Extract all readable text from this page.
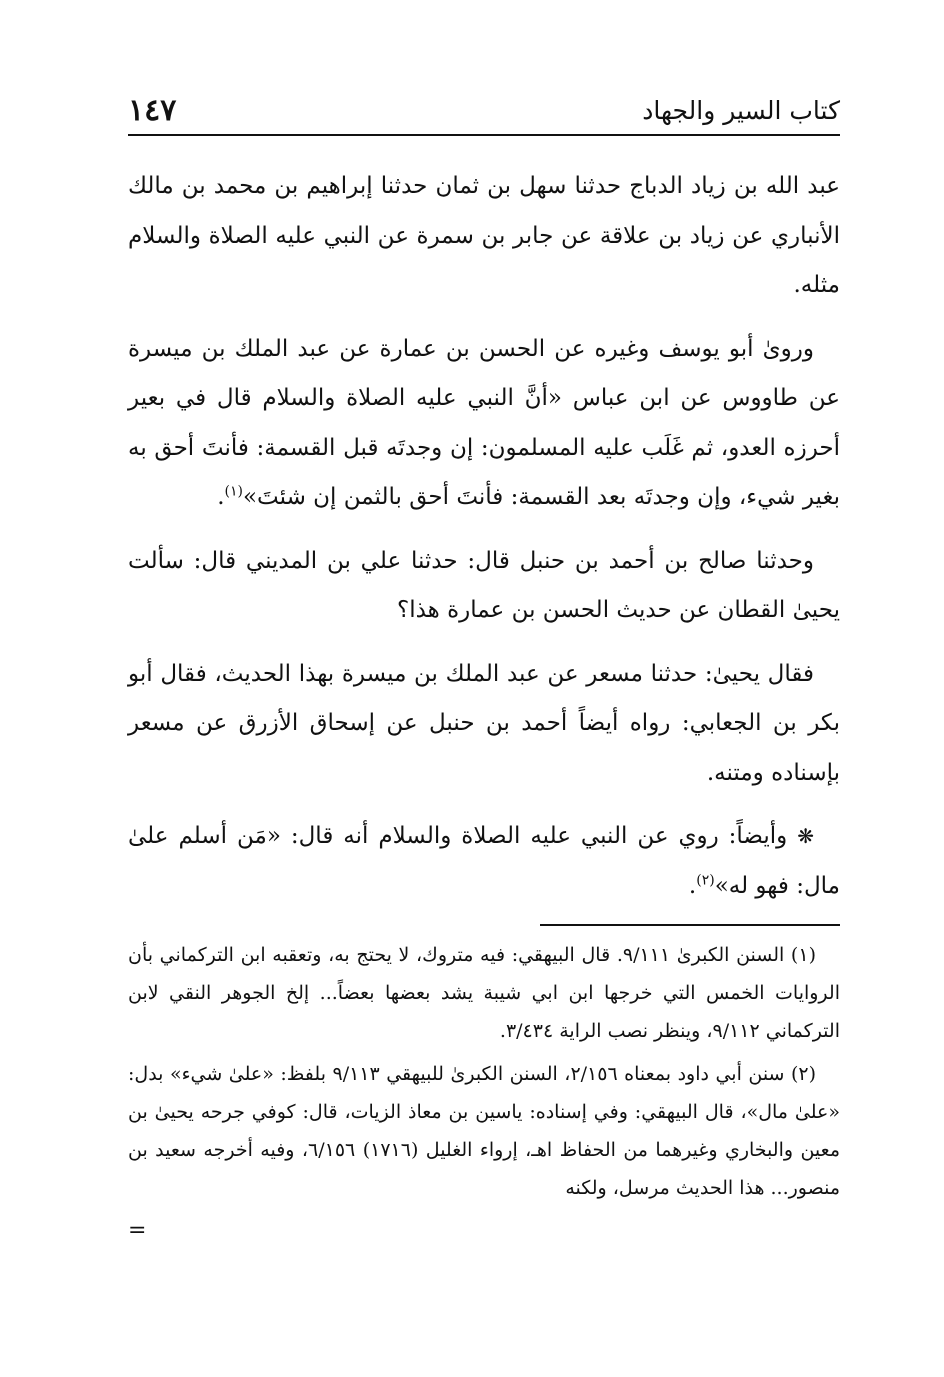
كتاب السير والجهاد
١٤٧

عبد الله بن زياد الدباج حدثنا سهل بن ثمان حدثنا إبراهيم بن محمد بن مالك الأنباري عن زياد بن علاقة عن جابر بن سمرة عن النبي عليه الصلاة والسلام مثله.

وروىٰ أبو يوسف وغيره عن الحسن بن عمارة عن عبد الملك بن ميسرة عن طاووس عن ابن عباس «أنَّ النبي عليه الصلاة والسلام قال في بعير أحرزه العدو، ثم غَلَب عليه المسلمون: إن وجدتَه قبل القسمة: فأنتَ أحق به بغير شيء، وإن وجدتَه بعد القسمة: فأنتَ أحق بالثمن إن شئتَ»$^{(١)}$.

وحدثنا صالح بن أحمد بن حنبل قال: حدثنا علي بن المديني قال: سألت يحيىٰ القطان عن حديث الحسن بن عمارة هذا؟

فقال يحيىٰ: حدثنا مسعر عن عبد الملك بن ميسرة بهذا الحديث، فقال أبو بكر بن الجعابي: رواه أيضاً أحمد بن حنبل عن إسحاق الأزرق عن مسعر بإسناده ومتنه.

❋ وأيضاً: روي عن النبي عليه الصلاة والسلام أنه قال: «مَن أسلم علىٰ مال: فهو له»$^{(٢)}$.

(١) السنن الكبرىٰ ٩/١١١. قال البيهقي: فيه متروك، لا يحتج به، وتعقبه ابن التركماني بأن الروايات الخمس التي خرجها ابن ابي شيبة يشد بعضها بعضاً... إلخ الجوهر النقي لابن التركماني ٩/١١٢، وينظر نصب الراية ٣/٤٣٤.

(٢) سنن أبي داود بمعناه ٢/١٥٦، السنن الكبرىٰ للبيهقي ٩/١١٣ بلفظ: «علىٰ شيء» بدل: «علىٰ مال»، قال البيهقي: وفي إسناده: ياسين بن معاذ الزيات، قال: كوفي جرحه يحيىٰ بن معين والبخاري وغيرهما من الحفاظ اهـ، إرواء الغليل (١٧١٦) ٦/١٥٦، وفيه أخرجه سعيد بن منصور... هذا الحديث مرسل، ولكنه

=
